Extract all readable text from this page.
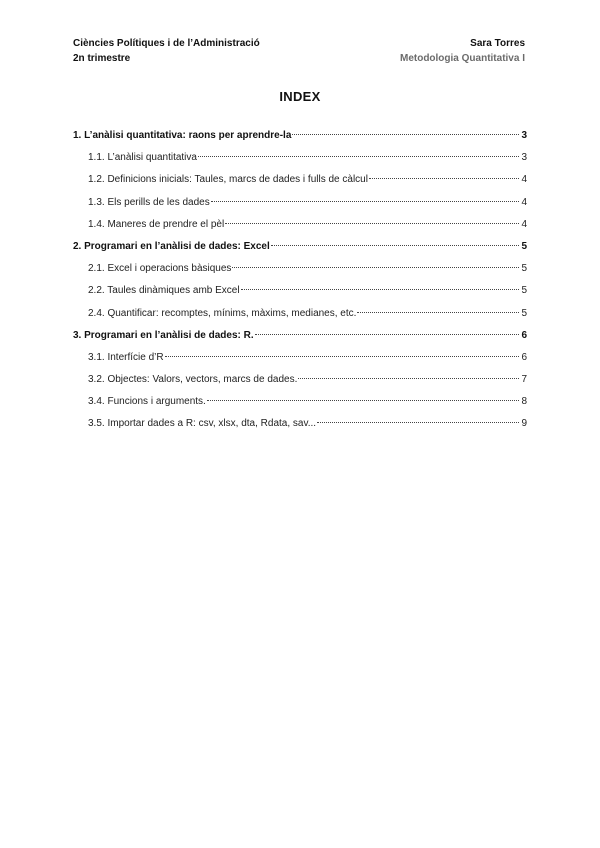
Ciències Polítiques i de l’Administració	Sara Torres
2n trimestre	Metodologia Quantitativa I
INDEX
1. L’anàlisi quantitativa: raons per aprendre-la	3
1.1. L’anàlisi quantitativa	3
1.2. Definicions inicials: Taules, marcs de dades i fulls de càlcul	4
1.3. Els perills de les dades	4
1.4. Maneres de prendre el pèl	4
2. Programari en l’anàlisi de dades: Excel	5
2.1. Excel i operacions bàsiques	5
2.2. Taules dinàmiques amb Excel	5
2.4. Quantificar: recomptes, mínims, màxims, medianes, etc.	5
3. Programari en l’anàlisi de dades: R.	6
3.1. Interfície d’R	6
3.2. Objectes: Valors, vectors, marcs de dades.	7
3.4. Funcions i arguments.	8
3.5. Importar dades a R: csv, xlsx, dta, Rdata, sav...	9
